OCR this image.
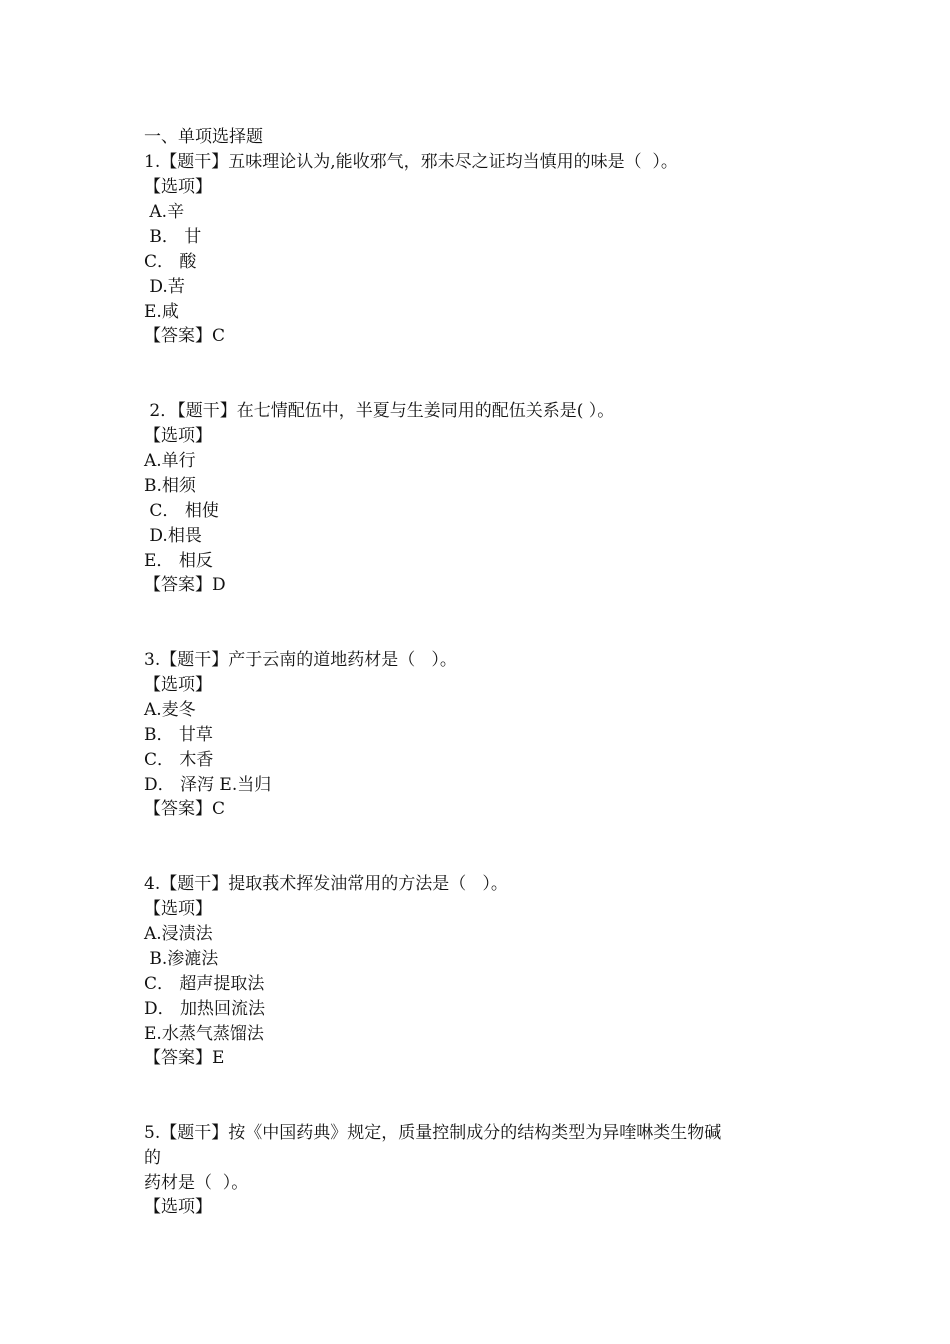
一、单项选择题
1.【题干】五味理论认为,能收邪气，邪未尽之证均当慎用的味是（  ）。
【选项】
A.辛
B． 甘
C． 酸
D.苦
E.咸
【答案】C
2．【题干】在七情配伍中，半夏与生姜同用的配伍关系是( ）。
【选项】
A.单行
B.相须
C． 相使
D.相畏
E． 相反
【答案】D
3.【题干】产于云南的道地药材是（   ）。
【选项】
A.麦冬
B． 甘草
C． 木香
D． 泽泻 E.当归
【答案】C
4.【题干】提取莪术挥发油常用的方法是（   ）。
【选项】
A.浸渍法
B.渗漉法
C． 超声提取法
D． 加热回流法
E.水蒸气蒸馏法
【答案】E
5.【题干】按《中国药典》规定，质量控制成分的结构类型为异喹啉类生物碱
的
药材是（  ）。
【选项】
